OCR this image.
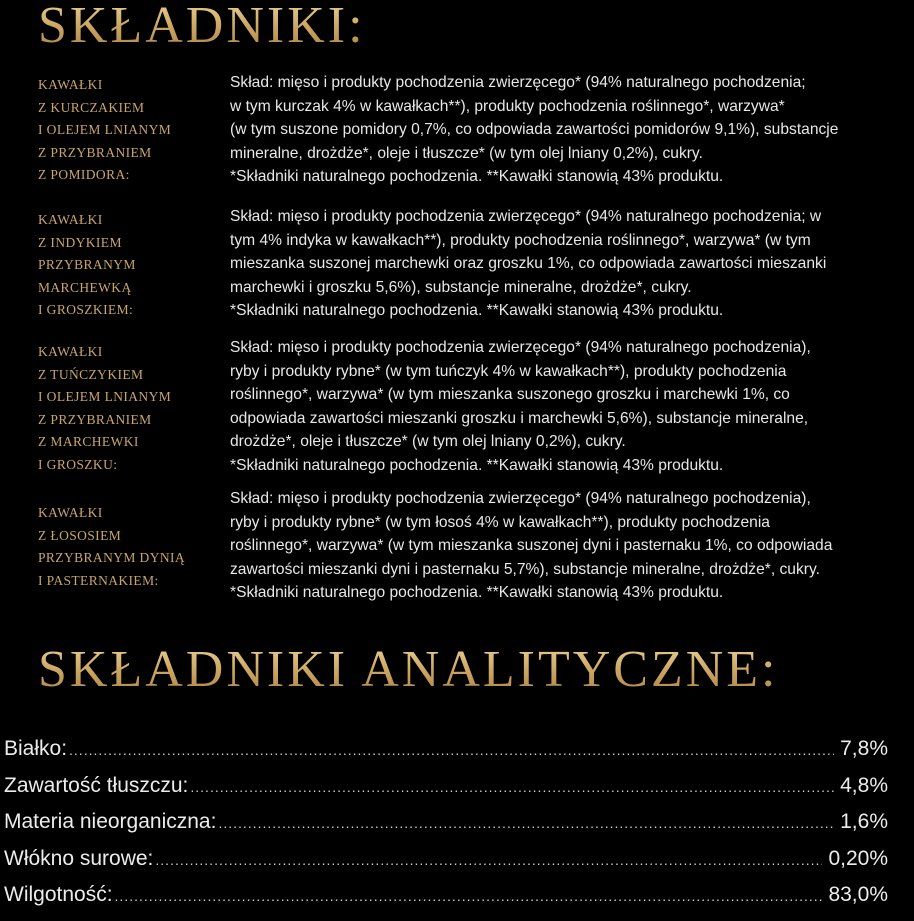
SKŁADNIKI:
KAWAŁKI
Z KURCZAKIEM
I OLEJEM LNIANYM
Z PRZYBRANIEM
Z POMIDORA:
Skład: mięso i produkty pochodzenia zwierzęcego* (94% naturalnego pochodzenia;
w tym kurczak 4% w kawałkach**), produkty pochodzenia roślinnego*, warzywa*
(w tym suszone pomidory 0,7%, co odpowiada zawartości pomidorów 9,1%), substancje
mineralne, drożdże*, oleje i tłuszcze* (w tym olej lniany 0,2%), cukry.
*Składniki naturalnego pochodzenia. **Kawałki stanowią 43% produktu.
KAWAŁKI
Z INDYKIEM
PRZYBRANYM
MARCHEWKĄ
I GROSZKIEM:
Skład: mięso i produkty pochodzenia zwierzęcego* (94% naturalnego pochodzenia; w
tym 4% indyka w kawałkach**), produkty pochodzenia roślinnego*, warzywa* (w tym
mieszanka suszonej marchewki oraz groszku 1%, co odpowiada zawartości mieszanki
marchewki i groszku 5,6%), substancje mineralne, drożdże*, cukry.
*Składniki naturalnego pochodzenia. **Kawałki stanowią 43% produktu.
KAWAŁKI
Z TUŃCZYKIEM
I OLEJEM LNIANYM
Z PRZYBRANIEM
Z MARCHEWKI
I GROSZKU:
Skład: mięso i produkty pochodzenia zwierzęcego* (94% naturalnego pochodzenia),
ryby i produkty rybne* (w tym tuńczyk 4% w kawałkach**), produkty pochodzenia
roślinnego*, warzywa* (w tym mieszanka suszonego groszku i marchewki 1%, co
odpowiada zawartości mieszanki groszku i marchewki 5,6%), substancje mineralne,
drożdże*, oleje i tłuszcze* (w tym olej lniany 0,2%), cukry.
*Składniki naturalnego pochodzenia. **Kawałki stanowią 43% produktu.
KAWAŁKI
Z ŁOSOSIEM
PRZYBRANYM DYNIĄ
I PASTERNAKIEM:
Skład: mięso i produkty pochodzenia zwierzęcego* (94% naturalnego pochodzenia),
ryby i produkty rybne* (w tym łosoś 4% w kawałkach**), produkty pochodzenia
roślinnego*, warzywa* (w tym mieszanka suszonej dyni i pasternaku 1%, co odpowiada
zawartości mieszanki dyni i pasternaku 5,7%), substancje mineralne, drożdże*, cukry.
*Składniki naturalnego pochodzenia. **Kawałki stanowią 43% produktu.
SKŁADNIKI ANALITYCZNE:
Białko: .....	7,8%
Zawartość tłuszczu: .....	4,8%
Materia nieorganiczna: .....	1,6%
Włókno surowe: .....	0,20%
Wilgotność: .....	83,0%
